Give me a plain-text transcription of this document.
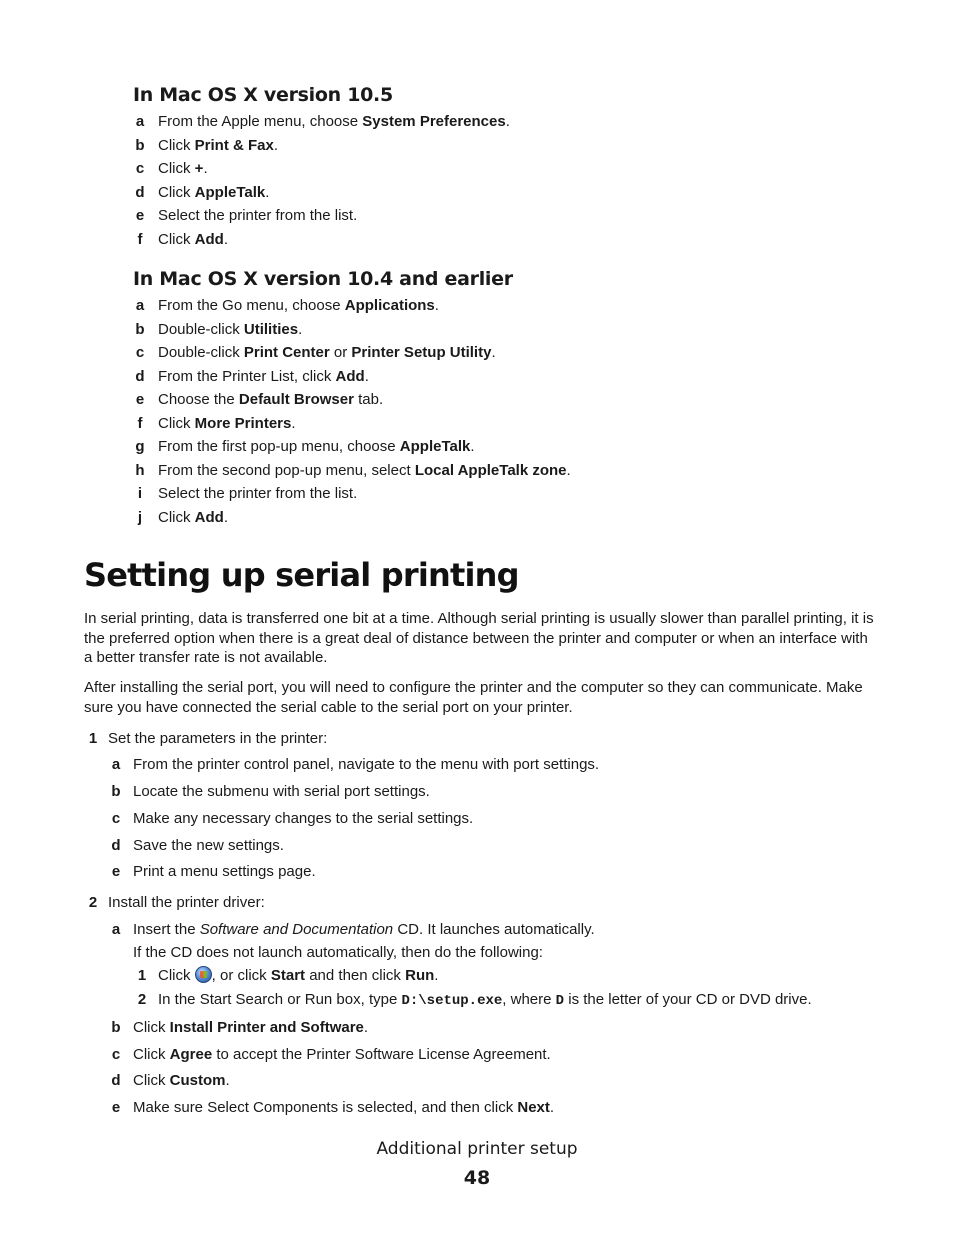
In Mac OS X version 10.5
a From the Apple menu, choose System Preferences.
b Click Print & Fax.
c Click +.
d Click AppleTalk.
e Select the printer from the list.
f	Click Add.
In Mac OS X version 10.4 and earlier
a From the Go menu, choose Applications.
b Double-click Utilities.
c Double-click Print Center or Printer Setup Utility.
d From the Printer List, click Add.
e Choose the Default Browser tab.
f	Click More Printers.
g From the first pop-up menu, choose AppleTalk.
h From the second pop-up menu, select Local AppleTalk zone.
i	Select the printer from the list.
j	Click Add.
Setting up serial printing

In serial printing, data is transferred one bit at a time. Although serial printing is usually slower than parallel printing, it is the preferred option when there is a great deal of distance between the printer and computer or when an interface with a better transfer rate is not available.

After installing the serial port, you will need to configure the printer and the computer so they can communicate. Make sure you have connected the serial cable to the serial port on your printer.

1 Set the parameters in the printer:
a From the printer control panel, navigate to the menu with port settings.
b Locate the submenu with serial port settings.
c Make any necessary changes to the serial settings.
d Save the new settings.
e Print a menu settings page.
2 Install the printer driver:
a Insert the Software and Documentation CD. It launches automatically.
If the CD does not launch automatically, then do the following:
1 Click , or click Start and then click Run.
2 In the Start Search or Run box, type D:\setup.exe, where D is the letter of your CD or DVD drive.
b Click Install Printer and Software.
c Click Agree to accept the Printer Software License Agreement.
d Click Custom.
e Make sure Select Components is selected, and then click Next.
Additional printer setup
48
